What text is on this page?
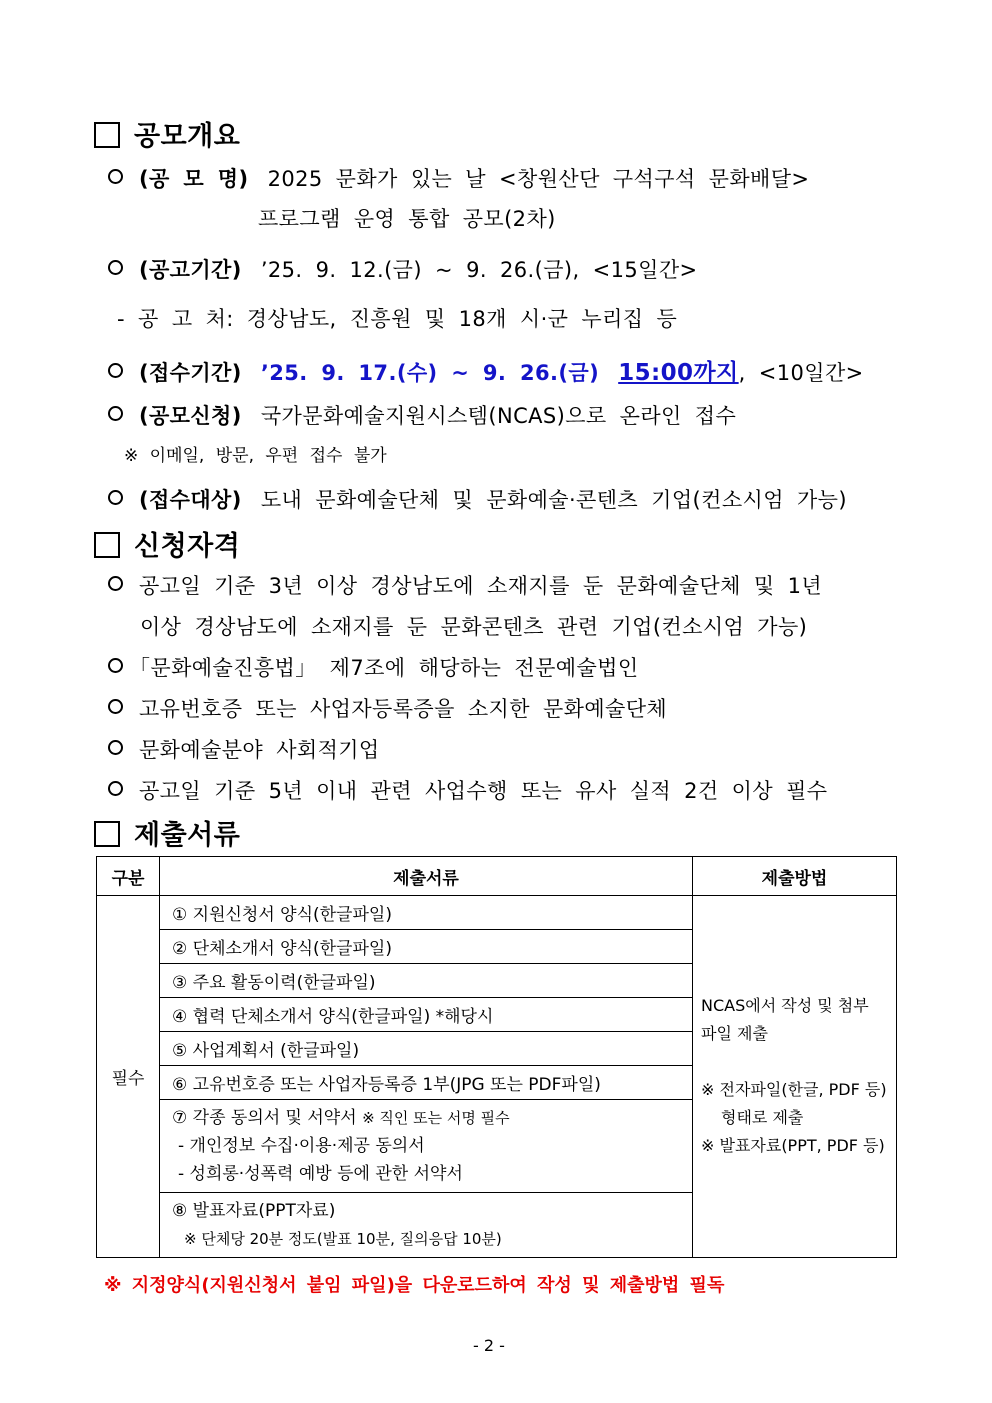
공모개요
(공 모 명) 2025 문화가 있는 날 <창원산단 구석구석 문화배달>
프로그램 운영 통합 공모(2차)
(공고기간) ’25. 9. 12.(금) ~ 9. 26.(금), <15일간>
- 공 고 처: 경상남도, 진흥원 및 18개 시·군 누리집 등
(접수기간) ’25. 9. 17.(수) ~ 9. 26.(금) 15:00까지, <10일간>
(공모신청) 국가문화예술지원시스템(NCAS)으로 온라인 접수
※ 이메일, 방문, 우편 접수 불가
(접수대상) 도내 문화예술단체 및 문화예술·콘텐츠 기업(컨소시엄 가능)
신청자격
공고일 기준 3년 이상 경상남도에 소재지를 둔 문화예술단체 및 1년
이상 경상남도에 소재지를 둔 문화콘텐츠 관련 기업(컨소시엄 가능)
「문화예술진흥법」 제7조에 해당하는 전문예술법인
고유번호증 또는 사업자등록증을 소지한 문화예술단체
문화예술분야 사회적기업
공고일 기준 5년 이내 관련 사업수행 또는 유사 실적 2건 이상 필수
제출서류
구분	제출서류	제출방법
필수	① 지원신청서 양식(한글파일)	NCAS에서 작성 및 첨부
파일 제출
※ 전자파일(한글, PDF 등)
형태로 제출
※ 발표자료(PPT, PDF 등)

	② 단체소개서 양식(한글파일)	
	③ 주요 활동이력(한글파일)	
	④ 협력 단체소개서 양식(한글파일) *해당시	
	⑤ 사업계획서 (한글파일)	
	⑥ 고유번호증 또는 사업자등록증 1부(JPG 또는 PDF파일)	

	⑦ 각종 동의서 및 서약서 ※ 직인 또는 서명 필수
- 개인정보 수집·이용·제공 동의서
- 성희롱·성폭력 예방 등에 관한 서약서	

	⑧ 발표자료(PPT자료)
※ 단체당 20분 정도(발표 10분, 질의응답 10분)	
※ 지정양식(지원신청서 붙임 파일)을 다운로드하여 작성 및 제출방법 필독
- 2 -
